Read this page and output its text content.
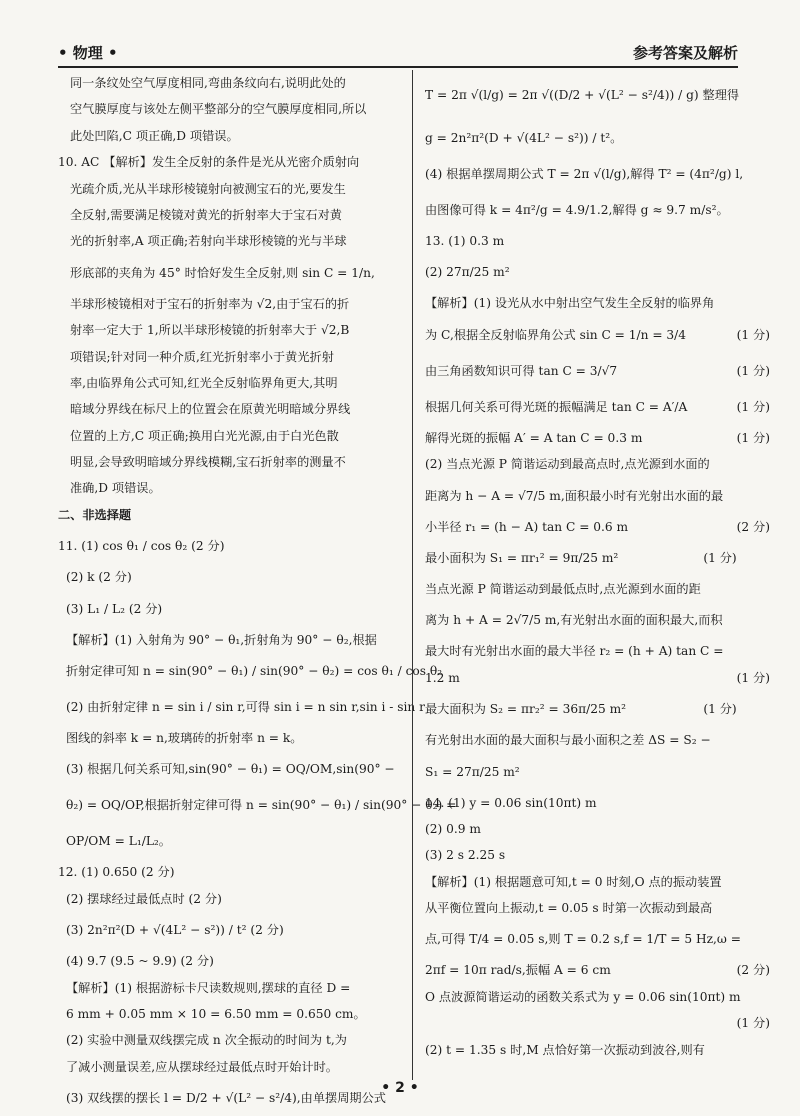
• 物理 •	参考答案及解析
同一条纹处空气厚度相同,弯曲条纹向右,说明此处的
空气膜厚度与该处左侧平整部分的空气膜厚度相同,所以
此处凹陷,C 项正确,D 项错误。
10. AC 【解析】发生全反射的条件是光从光密介质射向
光疏介质,光从半球形棱镜射向被测宝石的光,要发生
全反射,需要满足棱镜对黄光的折射率大于宝石对黄
光的折射率,A 项正确;若射向半球形棱镜的光与半球
形底部的夹角为 45° 时恰好发生全反射,则 sin C = 1/n,
半球形棱镜相对于宝石的折射率为 √2,由于宝石的折
射率一定大于 1,所以半球形棱镜的折射率大于 √2,B
项错误;针对同一种介质,红光折射率小于黄光折射
率,由临界角公式可知,红光全反射临界角更大,其明
暗域分界线在标尺上的位置会在原黄光明暗域分界线
位置的上方,C 项正确;换用白光光源,由于白光色散
明显,会导致明暗域分界线模糊,宝石折射率的测量不
准确,D 项错误。
二、非选择题
11. (1) cos θ₁ / cos θ₂ (2 分)
(2) k (2 分)
(3) L₁ / L₂ (2 分)
【解析】(1) 入射角为 90° − θ₁,折射角为 90° − θ₂,根据
折射定律可知 n = sin(90° − θ₁) / sin(90° − θ₂) = cos θ₁ / cos θ₂
(2) 由折射定律 n = sin i / sin r,可得 sin i = n sin r,sin i - sin r
图线的斜率 k = n,玻璃砖的折射率 n = k。
(3) 根据几何关系可知,sin(90° − θ₁) = OQ/OM,sin(90° −
θ₂) = OQ/OP,根据折射定律可得 n = sin(90° − θ₁) / sin(90° − θ₂) =
OP/OM = L₁/L₂。
12. (1) 0.650 (2 分)
(2) 摆球经过最低点时 (2 分)
(3) 2n²π²(D + √(4L² − s²)) / t² (2 分)
(4) 9.7 (9.5 ~ 9.9) (2 分)
【解析】(1) 根据游标卡尺读数规则,摆球的直径 D =
6 mm + 0.05 mm × 10 = 6.50 mm = 0.650 cm。
(2) 实验中测量双线摆完成 n 次全振动的时间为 t,为
了减小测量误差,应从摆球经过最低点时开始计时。
(3) 双线摆的摆长 l = D/2 + √(L² − s²/4),由单摆周期公式
T = 2π √(l/g) = 2π √((D/2 + √(L² − s²/4)) / g) 整理得
g = 2n²π²(D + √(4L² − s²)) / t²。
(4) 根据单摆周期公式 T = 2π √(l/g),解得 T² = (4π²/g) l,
由图像可得 k = 4π²/g = 4.9/1.2,解得 g ≈ 9.7 m/s²。
13. (1) 0.3 m
(2) 27π/25 m²
【解析】(1) 设光从水中射出空气发生全反射的临界角
(1 分)
为 C,根据全反射临界角公式 sin C = 1/n = 3/4
(1 分)
由三角函数知识可得 tan C = 3/√7
(1 分)
根据几何关系可得光斑的振幅满足 tan C = A′/A
(1 分)
解得光斑的振幅 A′ = A tan C = 0.3 m
(2) 当点光源 P 简谐运动到最高点时,点光源到水面的
距离为 h − A = √7/5 m,面积最小时有光射出水面的最
(2 分)
小半径 r₁ = (h − A) tan C = 0.6 m
(1 分)
最小面积为 S₁ = πr₁² = 9π/25 m²
当点光源 P 简谐运动到最低点时,点光源到水面的距
离为 h + A = 2√7/5 m,有光射出水面的面积最大,而积
最大时有光射出水面的最大半径 r₂ = (h + A) tan C =
(1 分)
1.2 m
(1 分)
最大面积为 S₂ = πr₂² = 36π/25 m²
有光射出水面的最大面积与最小面积之差 ΔS = S₂ −
S₁ = 27π/25 m²
14. (1) y = 0.06 sin(10πt) m
(2) 0.9 m
(3) 2 s 2.25 s
【解析】(1) 根据题意可知,t = 0 时刻,O 点的振动装置
从平衡位置向上振动,t = 0.05 s 时第一次振动到最高
点,可得 T/4 = 0.05 s,则 T = 0.2 s,f = 1/T = 5 Hz,ω =
(2 分)
2πf = 10π rad/s,振幅 A = 6 cm
O 点波源简谐运动的函数关系式为 y = 0.06 sin(10πt) m
(1 分)
(2) t = 1.35 s 时,M 点恰好第一次振动到波谷,则有
• 2 •
